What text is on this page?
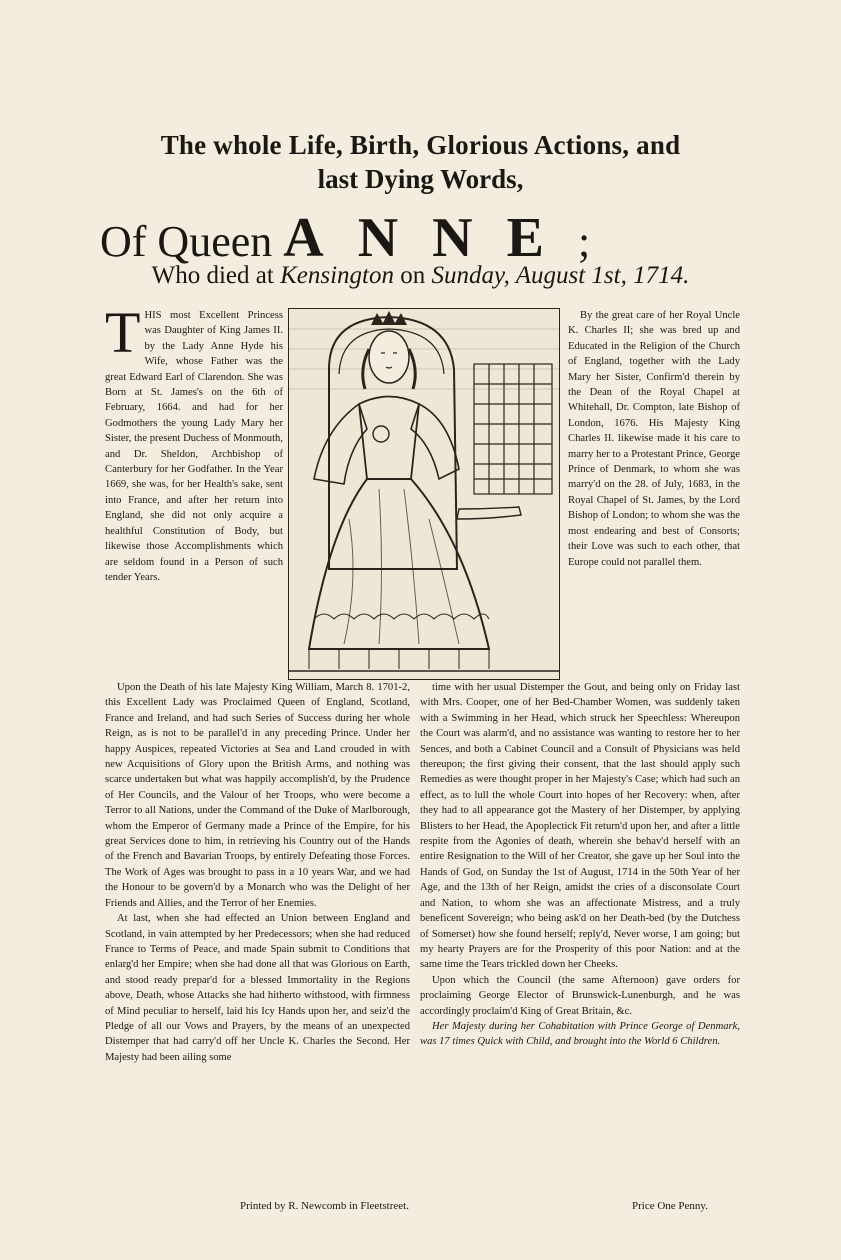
The whole Life, Birth, Glorious Actions, and
last Dying Words,
Of Queen ANNE;
Who died at Kensington on Sunday, August 1st, 1714.
T HIS most Excellent Princess was Daughter of King James II. by the Lady Anne Hyde his Wife, whose Father was the great Edward Earl of Clarendon. She was Born at St. James's on the 6th of February, 1664. and had for her Godmothers the young Lady Mary her Sister, the present Duchess of Monmouth, and Dr. Sheldon, Archbishop of Canterbury for her Godfather. In the Year 1669, she was, for her Health's sake, sent into France, and after her return into England, she did not only acquire a healthful Constitution of Body, but likewise those Accomplishments which are seldom found in a Person of such tender Years.

By the great care of her Royal Uncle K. Charles II; she was bred up and Educated in the Religion of the Church of England, together with the Lady Mary her Sister, Confirm'd therein by the Dean of the Royal Chapel at Whitehall, Dr. Compton, late Bishop of London, 1676. His Majesty King Charles II. likewise made it his care to marry her to a Protestant Prince, George Prince of Denmark, to whom she was marry'd on the 28. of July, 1683, in the Royal Chapel of St. James, by the Lord Bishop of London; to whom she was the most endearing and best of Consorts; their Love was such to each other, that Europe could not parallel them.

Upon the Death of his late Majesty King William, March 8. 1701-2, this Excellent Lady was Proclaimed Queen of England, Scotland, France and Ireland, and had such Series of Success during her whole Reign, as is not to be parallel'd in any preceding Prince. Under her happy Auspices, repeated Victories at Sea and Land crouded in with new Acquisitions of Glory upon the British Arms, and nothing was scarce undertaken but what was happily accomplish'd, by the Prudence of Her Councils, and the Valour of her Troops, who were become a Terror to all Nations, under the Command of the Duke of Marlborough, whom the Emperor of Germany made a Prince of the Empire, for his great Services done to him, in retrieving his Country out of the Hands of the French and Bavarian Troops, by entirely Defeating those Forces. The Work of Ages was brought to pass in a 10 years War, and we had the Honour to be govern'd by a Monarch who was the Delight of her Friends and Allies, and the Terror of her Enemies.

At last, when she had effected an Union between England and Scotland, in vain attempted by her Predecessors; when she had reduced France to Terms of Peace, and made Spain submit to Conditions that enlarg'd her Empire; when she had done all that was Glorious on Earth, and stood ready prepar'd for a blessed Immortality in the Regions above, Death, whose Attacks she had hitherto withstood, with firmness of Mind peculiar to herself, laid his Icy Hands upon her, and seiz'd the Pledge of all our Vows and Prayers, by the means of an unexpected Distemper that had carry'd off her Uncle K. Charles the Second. Her Majesty had been ailing some

time with her usual Distemper the Gout, and being only on Friday last with Mrs. Cooper, one of her Bed-Chamber Women, was suddenly taken with a Swimming in her Head, which struck her Speechless: Whereupon the Court was alarm'd, and no assistance was wanting to restore her to her Sences, and both a Cabinet Council and a Consult of Physicians was held thereupon; the first giving their consent, that the last should apply such Remedies as were thought proper in her Majesty's Case; which had such an effect, as to lull the whole Court into hopes of her Recovery: when, after they had to all appearance got the Mastery of her Distemper, by applying Blisters to her Head, the Apoplectick Fit return'd upon her, and after a little respite from the Agonies of death, wherein she behav'd herself with an entire Resignation to the Will of her Creator, she gave up her Soul into the Hands of God, on Sunday the 1st of August, 1714 in the 50th Year of her Age, and the 13th of her Reign, amidst the cries of a disconsolate Court and Nation, to whom she was an affectionate Mistress, and a truly beneficent Sovereign; who being ask'd on her Death-bed (by the Dutchess of Somerset) how she found herself; reply'd, Never worse, I am going; but my hearty Prayers are for the Prosperity of this poor Nation: and at the same time the Tears trickled down her Cheeks.

Upon which the Council (the same Afternoon) gave orders for proclaiming George Elector of Brunswick-Lunenburgh, and he was accordingly proclaim'd King of Great Britain, &c.

Her Majesty during her Cohabitation with Prince George of Denmark, was 17 times Quick with Child, and brought into the World 6 Children.

Printed by R. Newcomb in Fleetstreet.	Price One Penny.
